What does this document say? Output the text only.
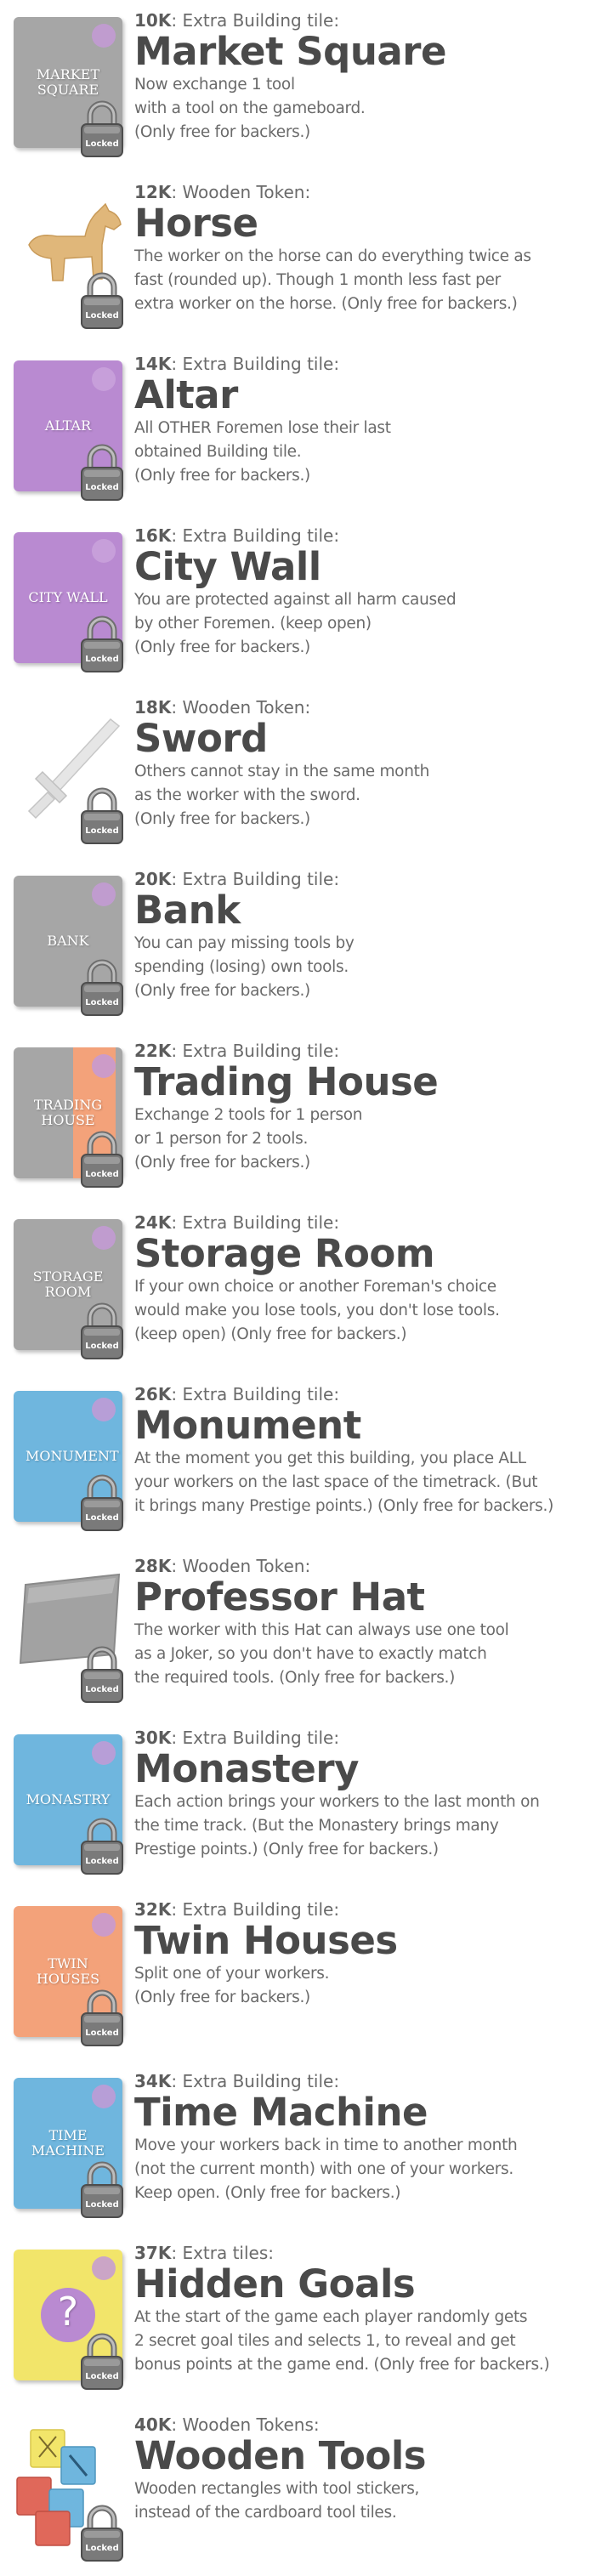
MARKET SQUARE
Locked
10K: Extra Building tile:
Market Square
Now exchange 1 tool
with a tool on the gameboard.
(Only free for backers.)
Locked
12K: Wooden Token:
Horse
The worker on the horse can do everything twice as
fast (rounded up). Though 1 month less fast per
extra worker on the horse. (Only free for backers.)
ALTAR
Locked
14K: Extra Building tile:
Altar
All OTHER Foremen lose their last
obtained Building tile.
(Only free for backers.)
CITY WALL
Locked
16K: Extra Building tile:
City Wall
You are protected against all harm caused
by other Foremen. (keep open)
(Only free for backers.)
Locked
18K: Wooden Token:
Sword
Others cannot stay in the same month
as the worker with the sword.
(Only free for backers.)
BANK
Locked
20K: Extra Building tile:
Bank
You can pay missing tools by
spending (losing) own tools.
(Only free for backers.)
TRADING HOUSE
Locked
22K: Extra Building tile:
Trading House
Exchange 2 tools for 1 person
or 1 person for 2 tools.
(Only free for backers.)
STORAGE ROOM
Locked
24K: Extra Building tile:
Storage Room
If your own choice or another Foreman's choice
would make you lose tools, you don't lose tools.
(keep open) (Only free for backers.)
MONUMENT
Locked
26K: Extra Building tile:
Monument
At the moment you get this building, you place ALL
your workers on the last space of the timetrack. (But
it brings many Prestige points.) (Only free for backers.)
Locked
28K: Wooden Token:
Professor Hat
The worker with this Hat can always use one tool
as a Joker, so you don't have to exactly match
the required tools. (Only free for backers.)
MONASTRY
Locked
30K: Extra Building tile:
Monastery
Each action brings your workers to the last month on
the time track. (But the Monastery brings many
Prestige points.) (Only free for backers.)
TWIN HOUSES
Locked
32K: Extra Building tile:
Twin Houses
Split one of your workers.
(Only free for backers.)
TIME MACHINE
Locked
34K: Extra Building tile:
Time Machine
Move your workers back in time to another month
(not the current month) with one of your workers.
Keep open. (Only free for backers.)
?
Locked
37K: Extra tiles:
Hidden Goals
At the start of the game each player randomly gets
2 secret goal tiles and selects 1, to reveal and get
bonus points at the game end. (Only free for backers.)
Locked
40K: Wooden Tokens:
Wooden Tools
Wooden rectangles with tool stickers,
instead of the cardboard tool tiles.
